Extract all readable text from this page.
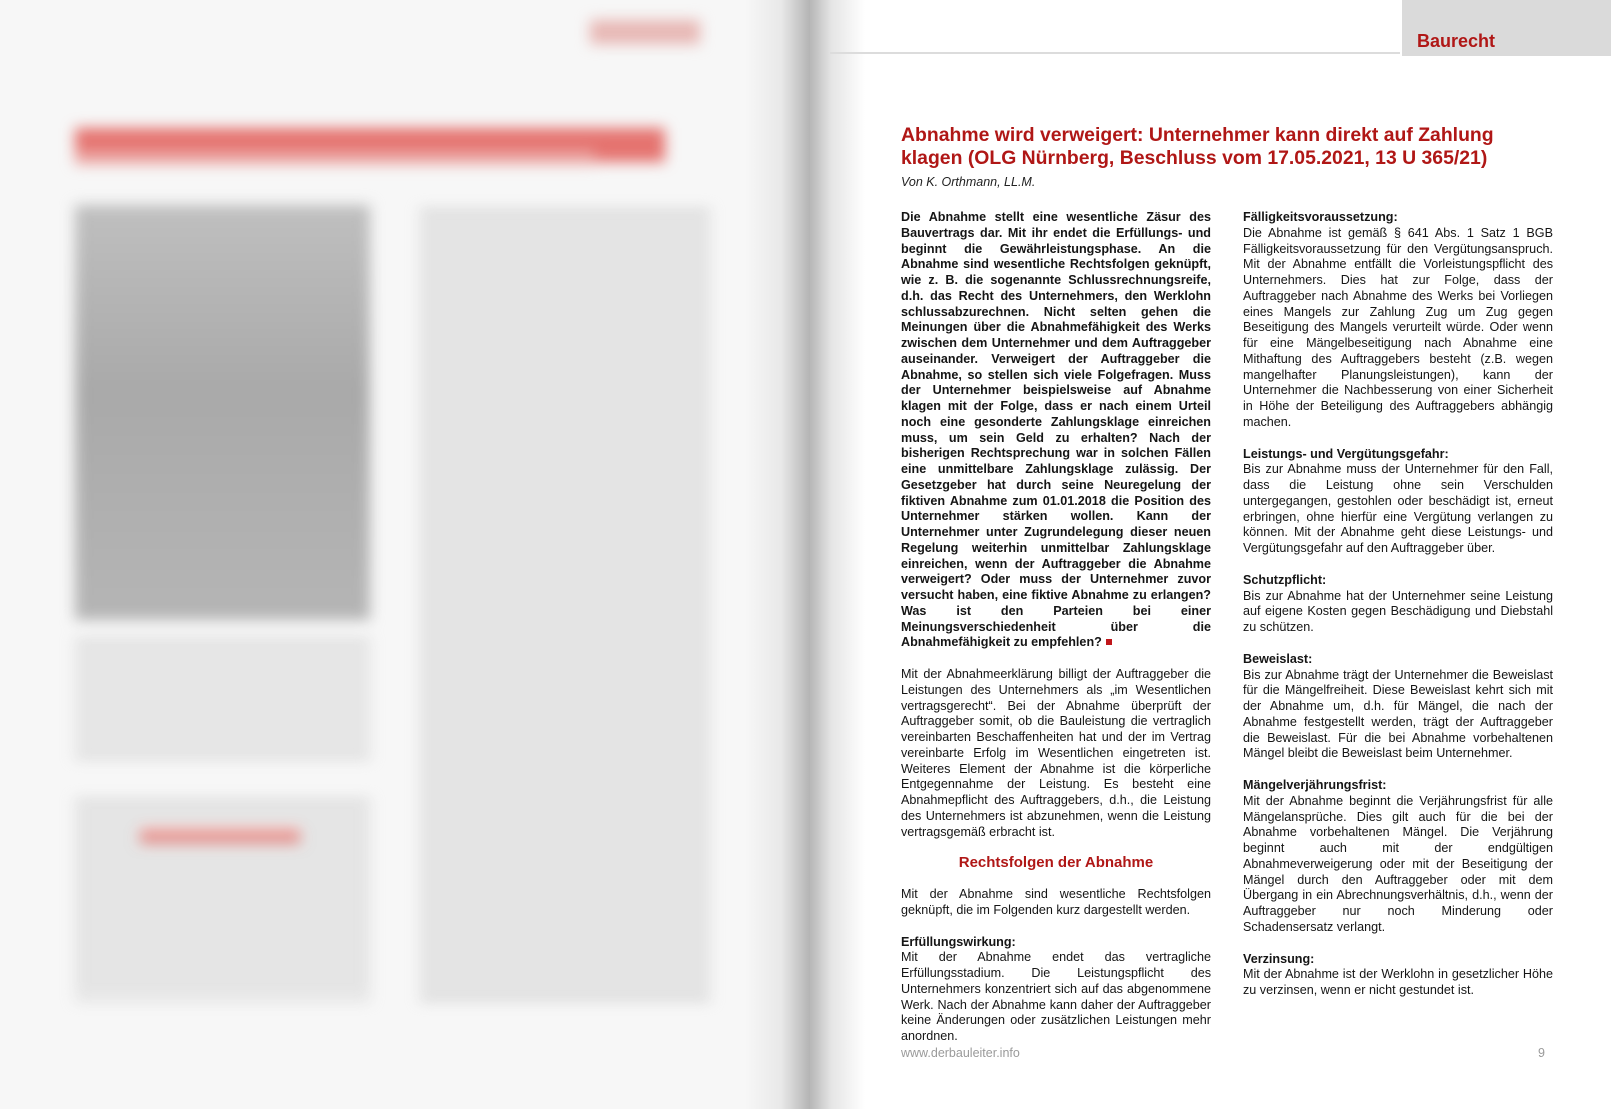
Baurecht
Abnahme wird verweigert: Unternehmer kann direkt auf Zahlung klagen (OLG Nürnberg, Beschluss vom 17.05.2021, 13 U 365/21)
Von K. Orthmann, LL.M.

Die Abnahme stellt eine wesentliche Zäsur des Bauvertrags dar. Mit ihr endet die Erfüllungs- und beginnt die Gewährleistungsphase. An die Abnahme sind wesentliche Rechtsfolgen geknüpft, wie z. B. die sogenannte Schlussrechnungsreife, d.h. das Recht des Unternehmers, den Werklohn schlussabzurechnen. Nicht selten gehen die Meinungen über die Abnahmefähigkeit des Werks zwischen dem Unternehmer und dem Auftraggeber auseinander. Verweigert der Auftraggeber die Abnahme, so stellen sich viele Folgefragen. Muss der Unternehmer beispielsweise auf Abnahme klagen mit der Folge, dass er nach einem Urteil noch eine gesonderte Zahlungsklage einreichen muss, um sein Geld zu erhalten? Nach der bisherigen Rechtsprechung war in solchen Fällen eine unmittelbare Zahlungsklage zulässig. Der Gesetzgeber hat durch seine Neuregelung der fiktiven Abnahme zum 01.01.2018 die Position des Unternehmer stärken wollen. Kann der Unternehmer unter Zugrundelegung dieser neuen Regelung weiterhin unmittelbar Zahlungsklage einreichen, wenn der Auftraggeber die Abnahme verweigert? Oder muss der Unternehmer zuvor versucht haben, eine fiktive Abnahme zu erlangen? Was ist den Parteien bei einer Meinungsverschiedenheit über die Abnahmefähigkeit zu empfehlen?

Mit der Abnahmeerklärung billigt der Auftraggeber die Leistungen des Unternehmers als „im Wesentlichen vertragsgerecht“. Bei der Abnahme überprüft der Auftraggeber somit, ob die Bauleistung die vertraglich vereinbarten Beschaffenheiten hat und der im Vertrag vereinbarte Erfolg im Wesentlichen eingetreten ist. Weiteres Element der Abnahme ist die körperliche Entgegennahme der Leistung. Es besteht eine Abnahmepflicht des Auftraggebers, d.h., die Leistung des Unternehmers ist abzunehmen, wenn die Leistung vertragsgemäß erbracht ist.

Rechtsfolgen der Abnahme

Mit der Abnahme sind wesentliche Rechtsfolgen geknüpft, die im Folgenden kurz dargestellt werden.

Erfüllungswirkung:

Mit der Abnahme endet das vertragliche Erfüllungsstadium. Die Leistungspflicht des Unternehmers konzentriert sich auf das abgenommene Werk. Nach der Abnahme kann daher der Auftraggeber keine Änderungen oder zusätzlichen Leistungen mehr anordnen.

Fälligkeitsvoraussetzung:

Die Abnahme ist gemäß § 641 Abs. 1 Satz 1 BGB Fälligkeitsvoraussetzung für den Vergütungsanspruch. Mit der Abnahme entfällt die Vorleistungspflicht des Unternehmers. Dies hat zur Folge, dass der Auftraggeber nach Abnahme des Werks bei Vorliegen eines Mangels zur Zahlung Zug um Zug gegen Beseitigung des Mangels verurteilt würde. Oder wenn für eine Mängelbeseitigung nach Abnahme eine Mithaftung des Auftraggebers besteht (z.B. wegen mangelhafter Planungsleistungen), kann der Unternehmer die Nachbesserung von einer Sicherheit in Höhe der Beteiligung des Auftraggebers abhängig machen.

Leistungs- und Vergütungsgefahr:

Bis zur Abnahme muss der Unternehmer für den Fall, dass die Leistung ohne sein Verschulden untergegangen, gestohlen oder beschädigt ist, erneut erbringen, ohne hierfür eine Vergütung verlangen zu können. Mit der Abnahme geht diese Leistungs- und Vergütungsgefahr auf den Auftraggeber über.

Schutzpflicht:

Bis zur Abnahme hat der Unternehmer seine Leistung auf eigene Kosten gegen Beschädigung und Diebstahl zu schützen.

Beweislast:

Bis zur Abnahme trägt der Unternehmer die Beweislast für die Mängelfreiheit. Diese Beweislast kehrt sich mit der Abnahme um, d.h. für Mängel, die nach der Abnahme festgestellt werden, trägt der Auftraggeber die Beweislast. Für die bei Abnahme vorbehaltenen Mängel bleibt die Beweislast beim Unternehmer.

Mängelverjährungsfrist:

Mit der Abnahme beginnt die Verjährungsfrist für alle Mängelansprüche. Dies gilt auch für die bei der Abnahme vorbehaltenen Mängel. Die Verjährung beginnt auch mit der endgültigen Abnahmeverweigerung oder mit der Beseitigung der Mängel durch den Auftraggeber oder mit dem Übergang in ein Abrechnungsverhältnis, d.h., wenn der Auftraggeber nur noch Minderung oder Schadensersatz verlangt.

Verzinsung:

Mit der Abnahme ist der Werklohn in gesetzlicher Höhe zu verzinsen, wenn er nicht gestundet ist.

www.derbauleiter.info	9
